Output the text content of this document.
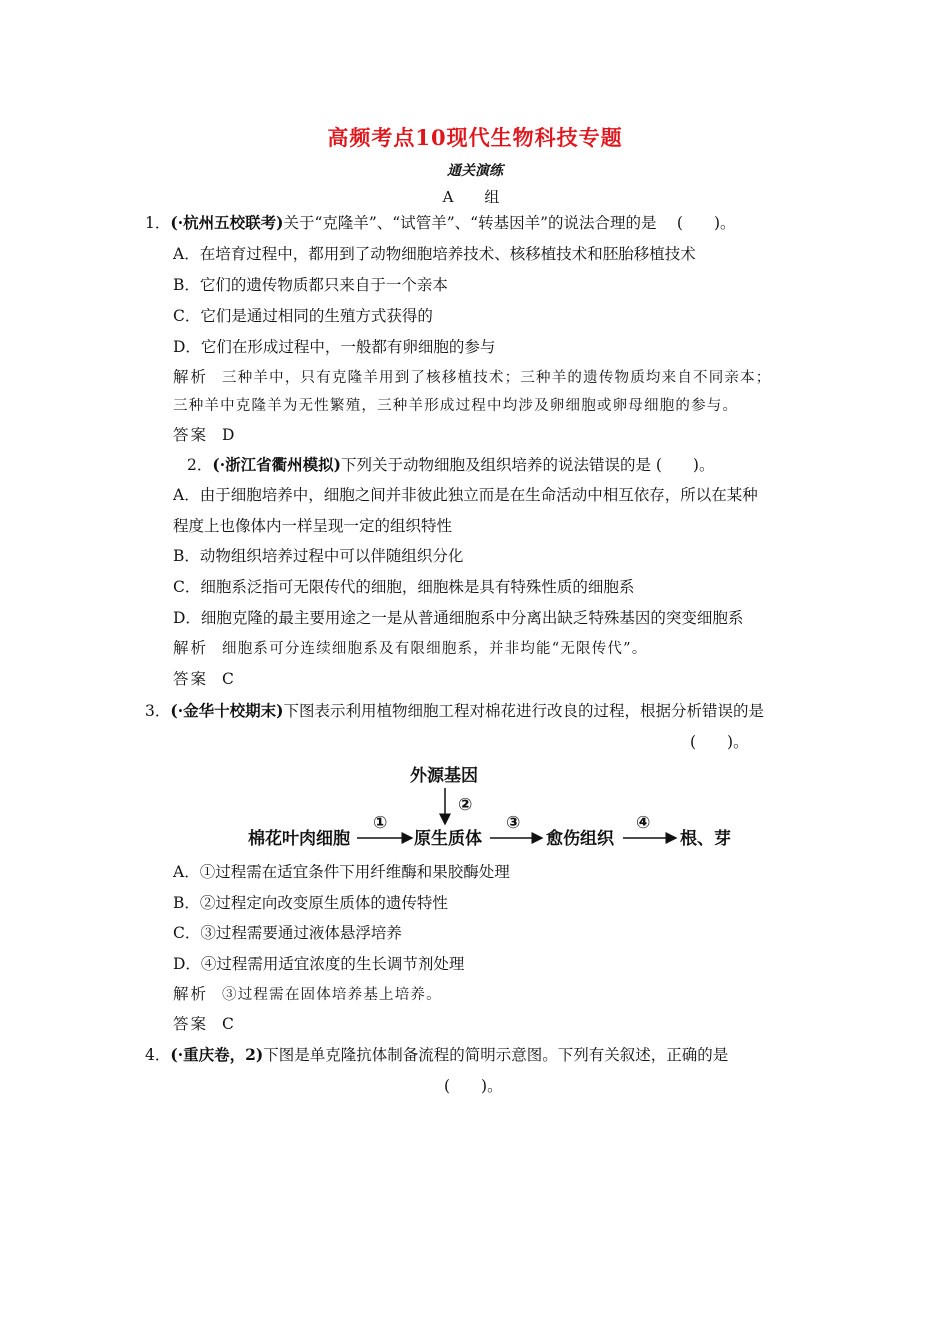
高频考点10现代生物科技专题
通关演练
A　组
1．(·杭州五校联考)关于“克隆羊”、“试管羊”、“转基因羊”的说法合理的是　 (　　)。
A．在培育过程中，都用到了动物细胞培养技术、核移植技术和胚胎移植技术
B．它们的遗传物质都只来自于一个亲本
C．它们是通过相同的生殖方式获得的
D．它们在形成过程中，一般都有卵细胞的参与
解析 三种羊中，只有克隆羊用到了核移植技术；三种羊的遗传物质均来自不同亲本；
三种羊中克隆羊为无性繁殖，三种羊形成过程中均涉及卵细胞或卵母细胞的参与。
答案 D
2．(·浙江省衢州模拟)下列关于动物细胞及组织培养的说法错误的是 (　　)。
A．由于细胞培养中，细胞之间并非彼此独立而是在生命活动中相互依存，所以在某种
程度上也像体内一样呈现一定的组织特性
B．动物组织培养过程中可以伴随组织分化
C．细胞系泛指可无限传代的细胞，细胞株是具有特殊性质的细胞系
D．细胞克隆的最主要用途之一是从普通细胞系中分离出缺乏特殊基因的突变细胞系
解析 细胞系可分连续细胞系及有限细胞系，并非均能“无限传代”。
答案 C
3．(·金华十校期末)下图表示利用植物细胞工程对棉花进行改良的过程，根据分析错误的是
(　　)。
外源基因
②
棉花叶肉细胞
①
原生质体
③
愈伤组织
④
根、芽
A．①过程需在适宜条件下用纤维酶和果胶酶处理
B．②过程定向改变原生质体的遗传特性
C．③过程需要通过液体悬浮培养
D．④过程需用适宜浓度的生长调节剂处理
解析 ③过程需在固体培养基上培养。
答案 C
4．(·重庆卷，2)下图是单克隆抗体制备流程的简明示意图。下列有关叙述，正确的是
(　　)。
